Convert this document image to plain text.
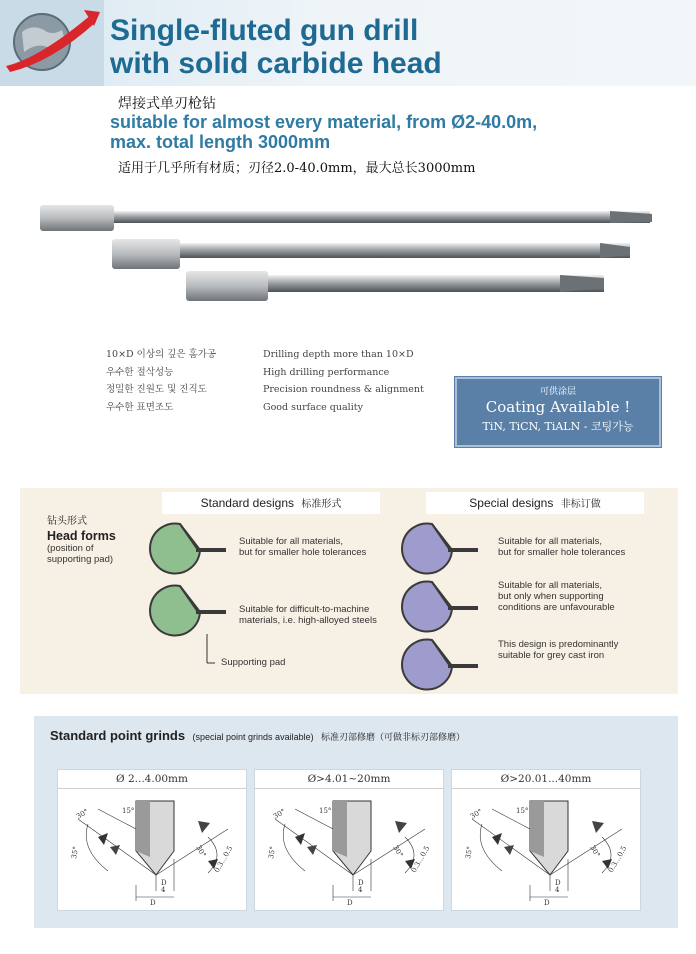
Single-fluted gun drill
with solid carbide head
焊接式单刃枪钻
suitable for almost every material, from Ø2-40.0m,
max. total length 3000mm
适用于几乎所有材质；刃径2.0-40.0mm，最大总长3000mm
10×D 이상의 깊은 홈가공
우수한 절삭성능
정밀한 진원도 및 진직도
우수한 표면조도
Drilling depth more than 10×D
High drilling performance
Precision roundness & alignment
Good surface quality
可供涂层
Coating Available !
TiN, TiCN, TiALN - 코팅가능
Standard designs 标准形式	Special designs 非标订做
钻头形式
Head forms
(position of
supporting pad)
Suitable for all materials,
but for smaller hole tolerances
Suitable for difficult-to-machine
materials, i.e. high-alloyed steels
Supporting pad
Suitable for all materials,
but for smaller hole tolerances
Suitable for all materials,
but only when supporting
conditions are unfavourable
This design is predominantly
suitable for grey cast iron
Standard point grinds (special point grinds available) 标准刃部修磨（可做非标刃部修磨）
Ø 2...4.00mm
30°	15°
35°	30°
D
4
D
0.3…0.5
Ø>4.01~20mm
30°	15°
35°	30°
D
4
D
0.3…0.5
Ø>20.01...40mm
30°	15°
35°	30°
D
4
D
0.3…0.5
